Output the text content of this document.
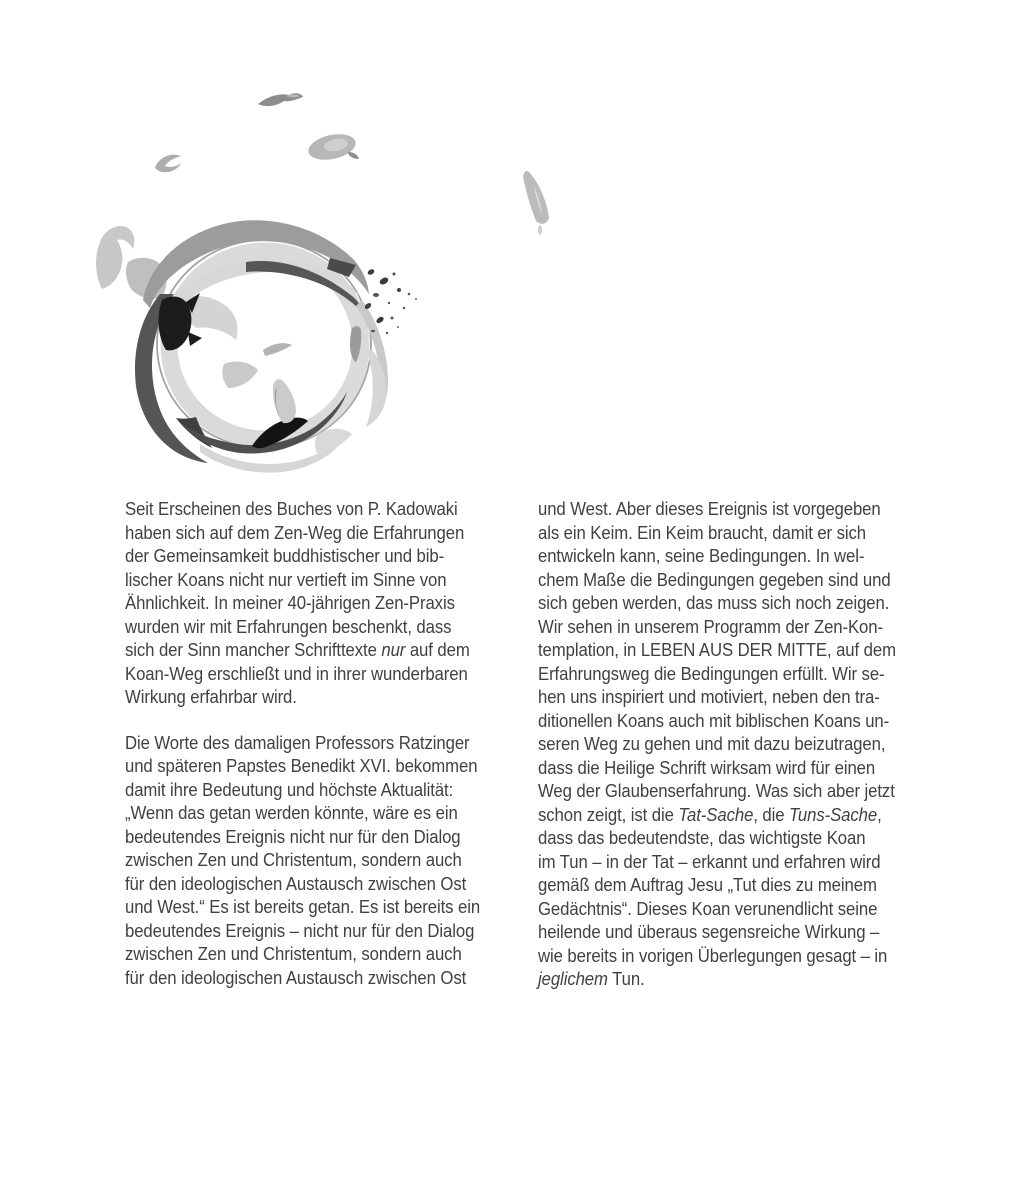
Seit Erscheinen des Buches von P. Kadowaki
haben sich auf dem Zen-Weg die Erfahrungen
der Gemeinsamkeit buddhistischer und bib-
lischer Koans nicht nur vertieft im Sinne von
Ähnlichkeit. In meiner 40-jährigen Zen-Praxis
wurden wir mit Erfahrungen beschenkt, dass
sich der Sinn mancher Schrifttexte nur auf dem
Koan-Weg erschließt und in ihrer wunderbaren
Wirkung erfahrbar wird.
Die Worte des damaligen Professors Ratzinger
und späteren Papstes Benedikt XVI. bekommen
damit ihre Bedeutung und höchste Aktualität:
„Wenn das getan werden könnte, wäre es ein
bedeutendes Ereignis nicht nur für den Dialog
zwischen Zen und Christentum, sondern auch
für den ideologischen Austausch zwischen Ost
und West.“ Es ist bereits getan. Es ist bereits ein
bedeutendes Ereignis – nicht nur für den Dialog
zwischen Zen und Christentum, sondern auch
für den ideologischen Austausch zwischen Ost
und West. Aber dieses Ereignis ist vorgegeben
als ein Keim. Ein Keim braucht, damit er sich
entwickeln kann, seine Bedingungen. In wel-
chem Maße die Bedingungen gegeben sind und
sich geben werden, das muss sich noch zeigen.
Wir sehen in unserem Programm der Zen-Kon-
templation, in LEBEN AUS DER MITTE, auf dem
Erfahrungsweg die Bedingungen erfüllt. Wir se-
hen uns inspiriert und motiviert, neben den tra-
ditionellen Koans auch mit biblischen Koans un-
seren Weg zu gehen und mit dazu beizutragen,
dass die Heilige Schrift wirksam wird für einen
Weg der Glaubenserfahrung. Was sich aber jetzt
schon zeigt, ist die Tat-Sache, die Tuns-Sache,
dass das bedeutendste, das wichtigste Koan
im Tun – in der Tat – erkannt und erfahren wird
gemäß dem Auftrag Jesu „Tut dies zu meinem
Gedächtnis“. Dieses Koan verunendlicht seine
heilende und überaus segensreiche Wirkung –
wie bereits in vorigen Überlegungen gesagt – in
jeglichem Tun.
